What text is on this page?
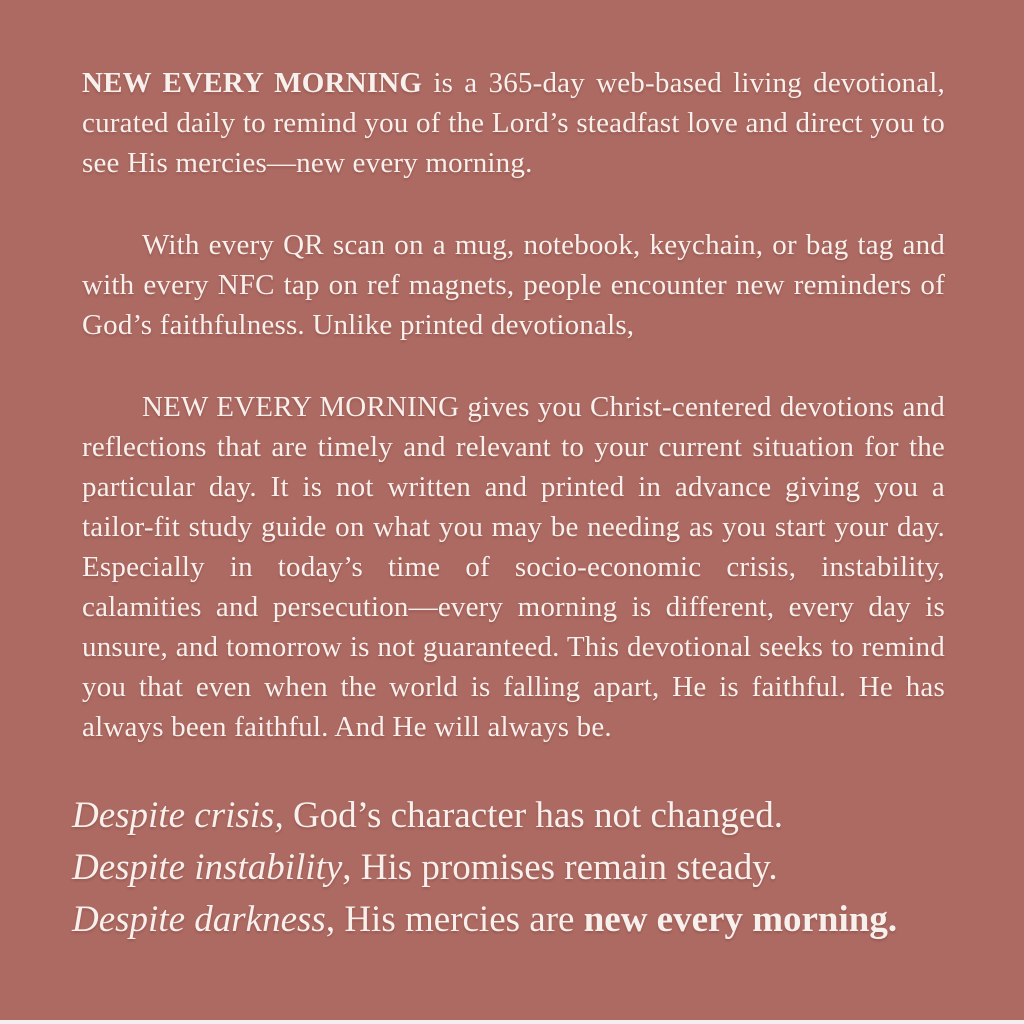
NEW EVERY MORNING is a 365-day web-based living devotional, curated daily to remind you of the Lord’s steadfast love and direct you to see His mercies—new every morning.

With every QR scan on a mug, notebook, keychain, or bag tag and with every NFC tap on ref magnets, people encounter new reminders of God’s faithfulness. Unlike printed devotionals,

NEW EVERY MORNING gives you Christ-centered devotions and reflections that are timely and relevant to your current situation for the particular day. It is not written and printed in advance giving you a tailor-fit study guide on what you may be needing as you start your day. Especially in today’s time of socio-economic crisis, instability, calamities and persecution—every morning is different, every day is unsure, and tomorrow is not guaranteed. This devotional seeks to remind you that even when the world is falling apart, He is faithful. He has always been faithful. And He will always be.

Despite crisis, God’s character has not changed.
Despite instability, His promises remain steady.
Despite darkness, His mercies are new every morning.
